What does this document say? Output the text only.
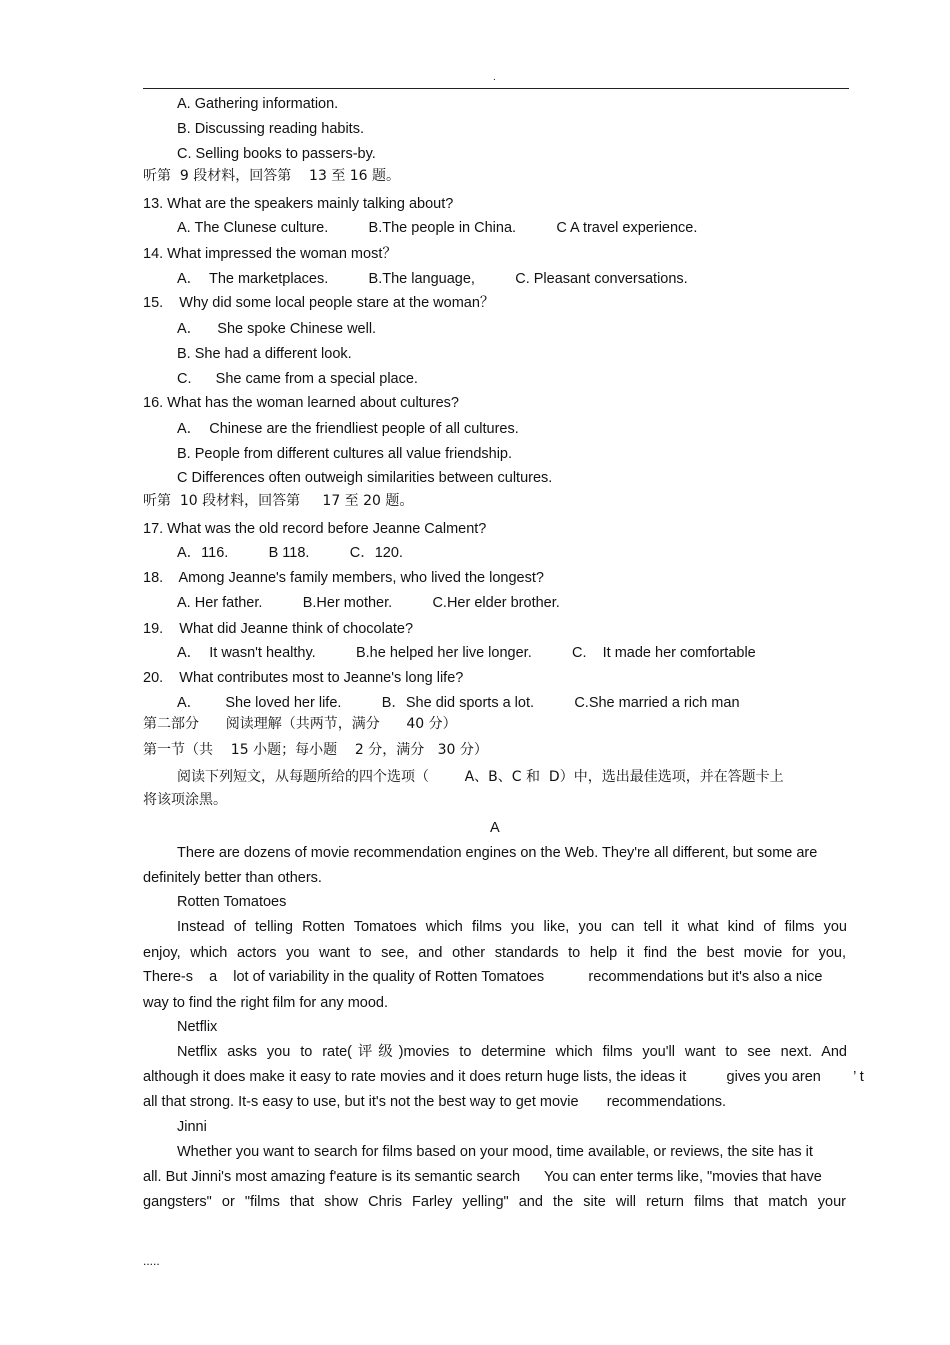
.
A. Gathering information.
B. Discussing reading habits.
C. Selling books to passers-by.
听第  9 段材料，回答第    13 至 16 题。
13. What are the speakers mainly talking about?
A. The Clunese culture.          B.The people in China.          C A travel experience.
14. What impressed the woman most？
A．  The marketplaces.          B.The language,          C. Pleasant conversations.
15.    Why did some local people stare at the woman？
A．    She spoke Chinese well.
B. She had a different look.
C.      She came from a special place.
16. What has the woman learned about cultures?
A．  Chinese are the friendliest people of all cultures.
B. People from different cultures all value friendship.
C Differences often outweigh similarities between cultures.
听第  10 段材料，回答第     17 至 20 题。
17. What was the old record before Jeanne Calment?
A．116.          B 118.          C．120.
18.    Among Jeanne's family members, who lived the longest?
A. Her father.          B.Her mother.          C.Her elder brother.
19.    What did Jeanne think of chocolate?
A．  It wasn't healthy.          B.he helped her live longer.          C.    It made her comfortable
20.    What contributes most to Jeanne's long life?
A．      She loved her life.          B．She did sports a lot.          C.She married a rich man
第二部分      阅读理解（共两节，满分      40 分）
第一节（共    15 小题；每小题    2 分，满分   30 分）
阅读下列短文，从每题所给的四个选项（        A、B、C 和  D）中，选出最佳选项，并在答题卡上
将该项涂黑。
A
There are dozens of movie recommendation engines on the Web. They're all different, but some are
definitely better than others.
Rotten Tomatoes
Instead of telling Rotten Tomatoes which films you like, you can tell it what kind of films you
enjoy, which actors you want to see, and other standards to help it find the best movie for you,
There-s    a    lot of variability in the quality of Rotten Tomatoes           recommendations but it's also a nice
way to find the right film for any mood.
Netflix
Netflix asks you to rate(评级)movies to determine which films you'll want to see next. And
although it does make it easy to rate movies and it does return huge lists, the ideas it          gives you aren        ’ t
all that strong. It-s easy to use, but it's not the best way to get movie       recommendations.
Jinni
Whether you want to search for films based on your mood, time available, or reviews, the site has it
all. But Jinni's most amazing f'eature is its semantic search      You can enter terms like, "movies that have
gangsters" or "films that show Chris Farley yelling" and the site will return films that match your
.....
